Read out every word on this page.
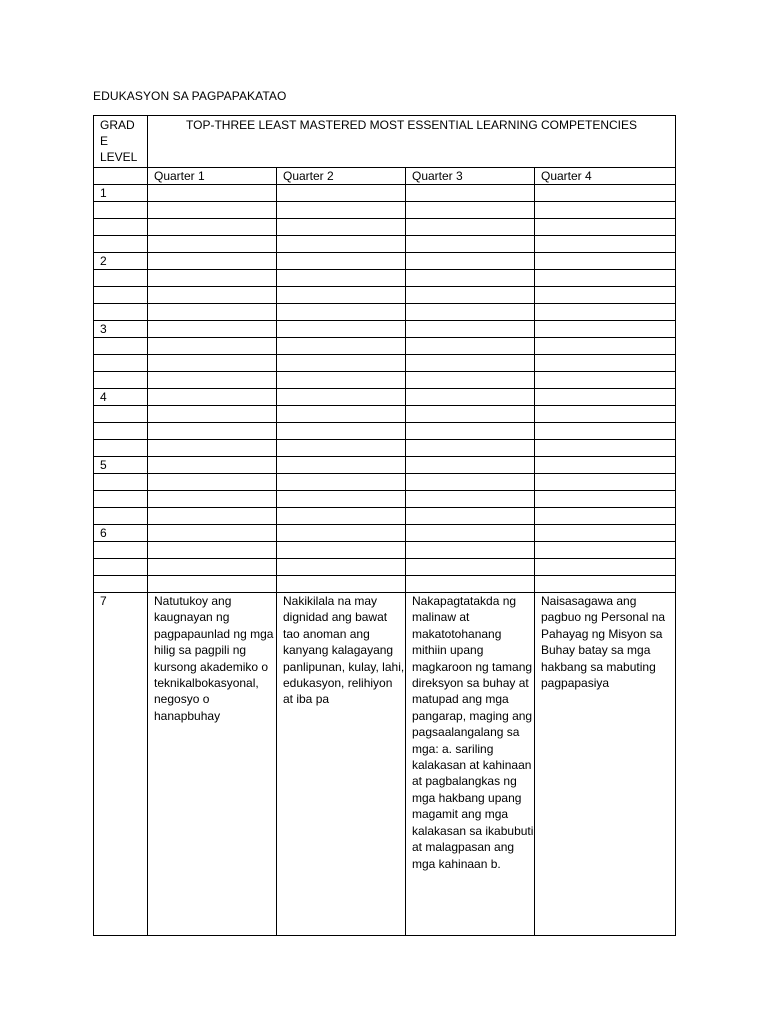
EDUKASYON SA PAGPAPAKATAO
GRAD
E
LEVEL	TOP-THREE LEAST MASTERED MOST ESSENTIAL LEARNING COMPETENCIES			
	Quarter 1	Quarter 2	Quarter 3	Quarter 4
1				

2				

3				

4				

5				

6				

7	Natutukoy ang kaugnayan ng pagpapaunlad ng mga hilig sa pagpili ng kursong akademiko o teknikalbokasyonal, negosyo o hanapbuhay	Nakikilala na may dignidad ang bawat tao anoman ang kanyang kalagayang panlipunan, kulay, lahi, edukasyon, relihiyon at iba pa	Nakapagtatakda ng malinaw at makatotohanang mithiin upang magkaroon ng tamang direksyon sa buhay at matupad ang mga pangarap, maging ang pagsaalangalang sa mga: a. sariling kalakasan at kahinaan at pagbalangkas ng mga hakbang upang magamit ang mga kalakasan sa ikabubuti at malagpasan ang mga kahinaan b.	Naisasagawa ang pagbuo ng Personal na Pahayag ng Misyon sa Buhay batay sa mga hakbang sa mabuting pagpapasiya
